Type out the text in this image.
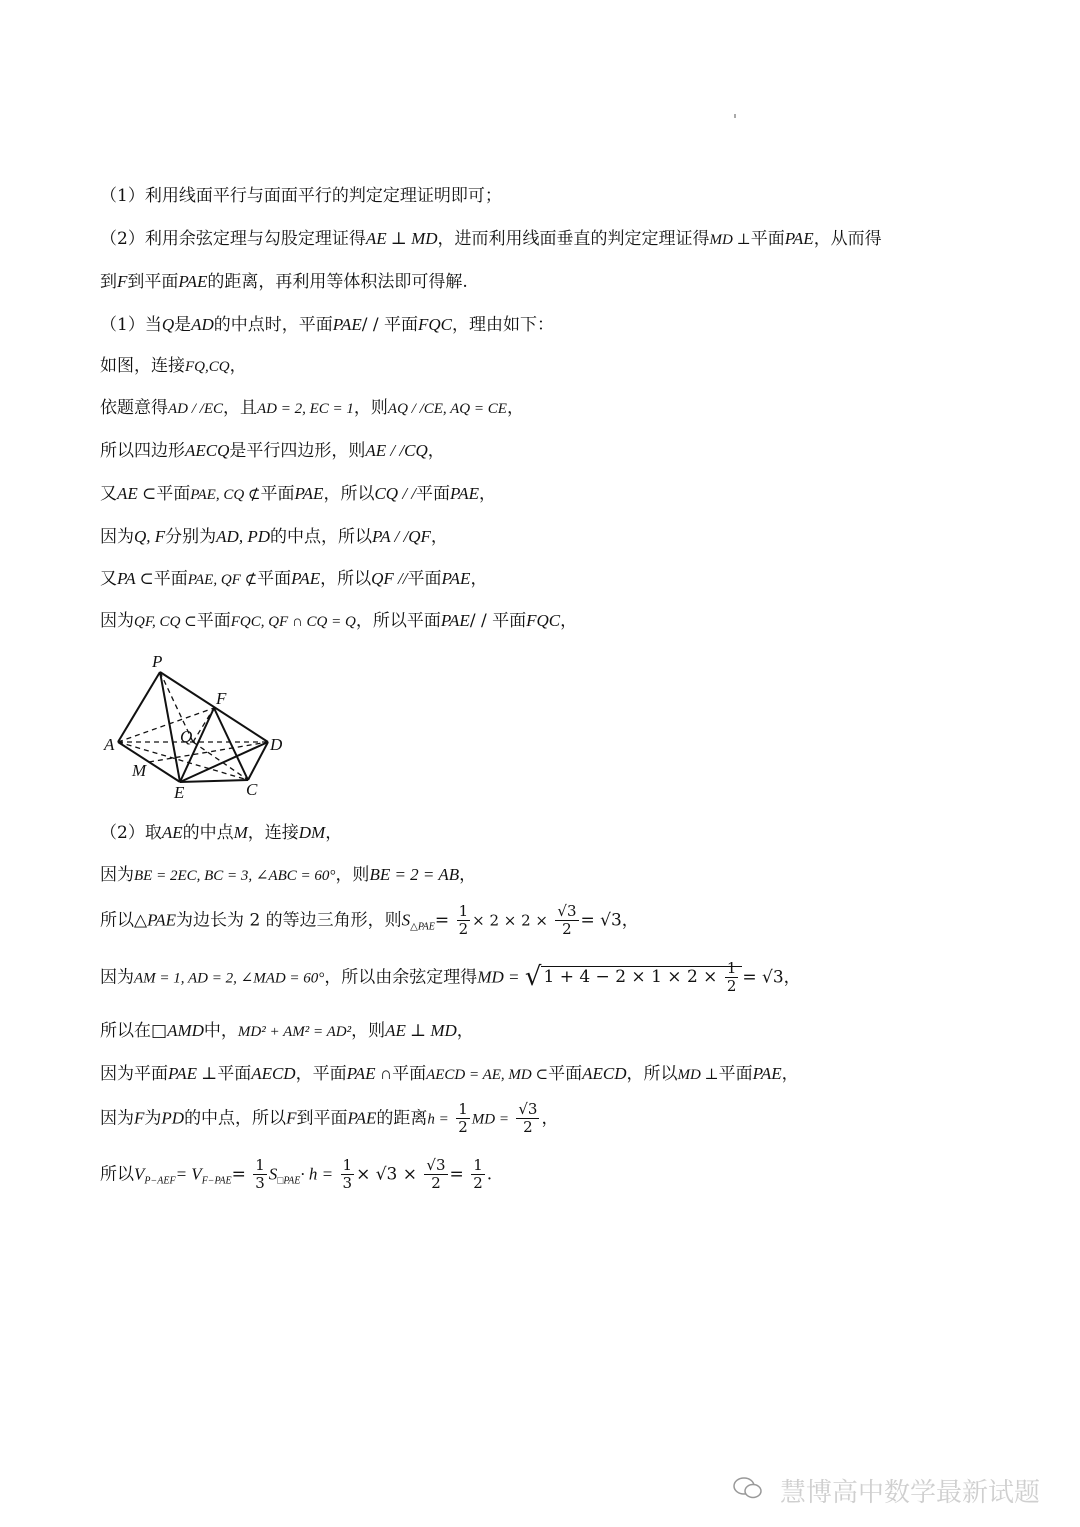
（1）利用线面平行与面面平行的判定定理证明即可；
（2）利用余弦定理与勾股定理证得AE ⊥ MD，进而利用线面垂直的判定定理证得MD ⊥平面PAE，从而得
到F到平面PAE的距离，再利用等体积法即可得解.
（1）当Q是AD的中点时，平面PAE/ / 平面FQC，理由如下：
如图，连接FQ,CQ，
依题意得AD / /EC，且AD = 2, EC = 1，则AQ / /CE, AQ = CE，
所以四边形AECQ是平行四边形，则AE / /CQ，
又AE ⊂平面PAE, CQ ⊄平面PAE，所以CQ / /平面PAE，
因为Q, F分别为AD, PD的中点，所以PA / /QF，
又PA ⊂平面PAE, QF ⊄平面PAE，所以QF //平面PAE，
因为QF, CQ ⊂平面FQC, QF ∩ CQ = Q，所以平面PAE/ / 平面FQC，
P
F
Q
A	D
M
E	C
（2）取AE的中点M，连接DM，
因为BE = 2EC, BC = 3, ∠ABC = 60°，则BE = 2 = AB，
所以△PAE为边长为 2 的等边三角形，则$S_{\triangle PAE}= \frac{1}{2} \times 2 \times 2 \times \frac{√3}{2} = √3$，
因为AM = 1, AD = 2, ∠MAD = 60°，所以由余弦定理得MD = √ $1 + 4 - 2 \times 1 \times 2 \times \frac{1}{2} = √3$，
所以在□AMD中，MD² + AM² = AD²，则AE ⊥ MD，
因为平面PAE ⊥平面AECD，平面PAE ∩平面AECD = AE, MD ⊂平面AECD，所以MD ⊥平面PAE，
因为F为PD的中点，所以F到平面PAE的距离$h = \frac{1}{2}$ MD = $\frac{√3}{2}$ ，
所以$V_{P-AEF}= V_{F-PAE}= \frac{1}{3} S_{□PAE}\cdot h = \frac{1}{3} \times √3 \times \frac{√3}{2} = \frac{1}{2}$ .
慧博高中数学最新试题
